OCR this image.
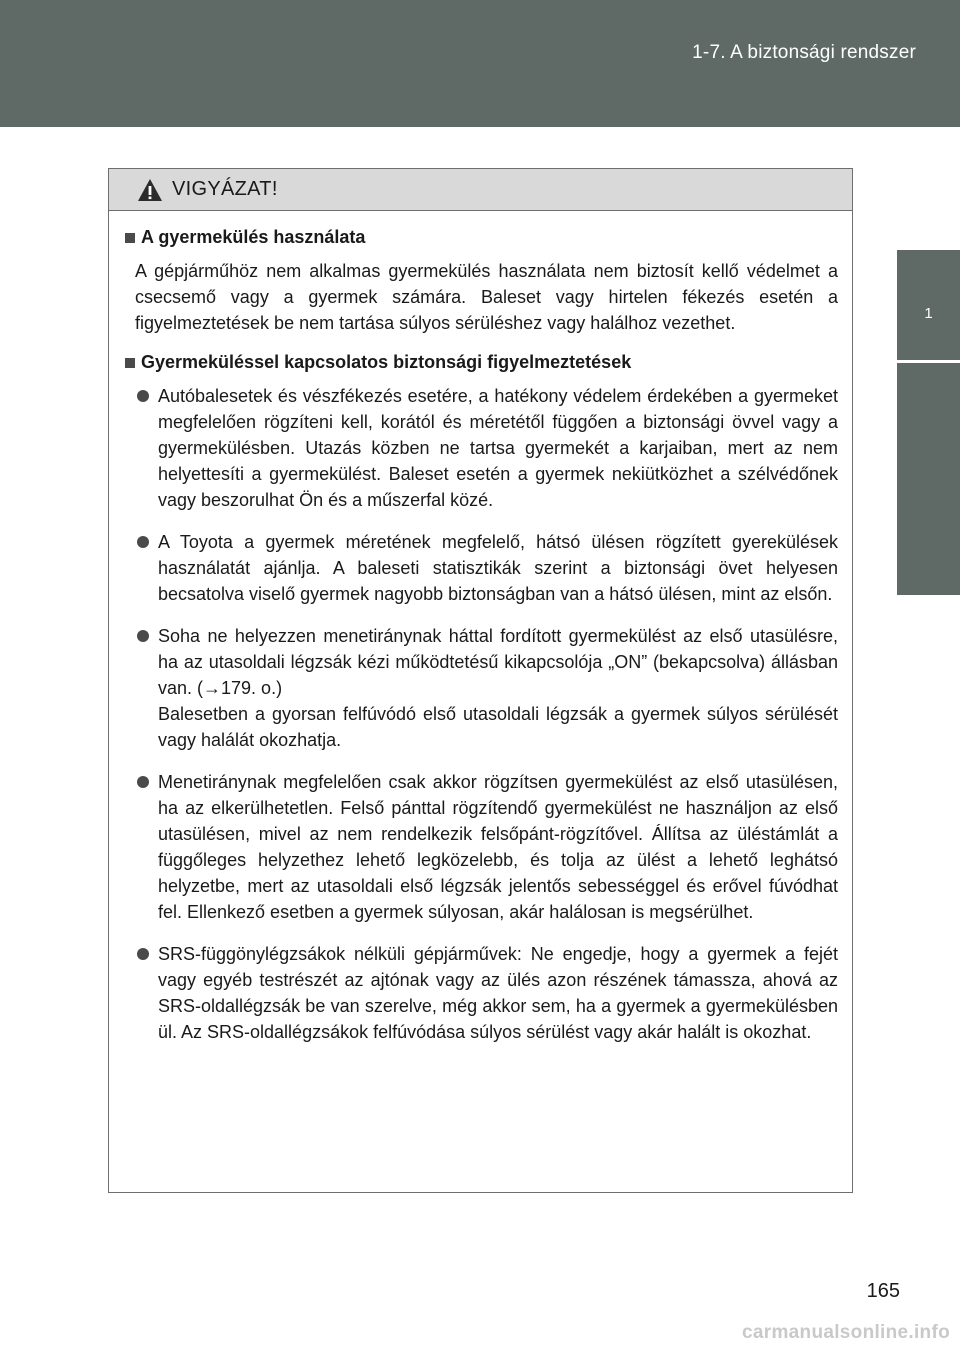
1-7. A biztonsági rendszer
1
Mielőtt elindul
VIGYÁZAT!
A gyermekülés használata
A gépjárműhöz nem alkalmas gyermekülés használata nem biztosít kellő védelmet a csecsemő vagy a gyermek számára. Baleset vagy hirtelen fékezés esetén a figyelmeztetések be nem tartása súlyos sérüléshez vagy halálhoz vezethet.
Gyermeküléssel kapcsolatos biztonsági figyelmeztetések
Autóbalesetek és vészfékezés esetére, a hatékony védelem érdekében a gyermeket megfelelően rögzíteni kell, korától és méretétől függően a biztonsági övvel vagy a gyermekülésben. Utazás közben ne tartsa gyermekét a karjaiban, mert az nem helyettesíti a gyermekülést. Baleset esetén a gyermek nekiütközhet a szélvédőnek vagy beszorulhat Ön és a műszerfal közé.
A Toyota a gyermek méretének megfelelő, hátsó ülésen rögzített gyerekülések használatát ajánlja. A baleseti statisztikák szerint a biztonsági övet helyesen becsatolva viselő gyermek nagyobb biztonságban van a hátsó ülésen, mint az elsőn.
Soha ne helyezzen menetiránynak háttal fordított gyermekülést az első utasülésre, ha az utasoldali légzsák kézi működtetésű kikapcsolója „ON” (bekapcsolva) állásban van. (→179. o.)
Balesetben a gyorsan felfúvódó első utasoldali légzsák a gyermek súlyos sérülését vagy halálát okozhatja.
Menetiránynak megfelelően csak akkor rögzítsen gyermekülést az első utasülésen, ha az elkerülhetetlen. Felső pánttal rögzítendő gyermekülést ne használjon az első utasülésen, mivel az nem rendelkezik felsőpánt-rögzítővel. Állítsa az üléstámlát a függőleges helyzethez lehető legközelebb, és tolja az ülést a lehető leghátsó helyzetbe, mert az utasoldali első légzsák jelentős sebességgel és erővel fúvódhat fel. Ellenkező esetben a gyermek súlyosan, akár halálosan is megsérülhet.
SRS-függönylégzsákok nélküli gépjárművek: Ne engedje, hogy a gyermek a fejét vagy egyéb testrészét az ajtónak vagy az ülés azon részének támassza, ahová az SRS-oldallégzsák be van szerelve, még akkor sem, ha a gyermek a gyermekülésben ül. Az SRS-oldallégzsákok felfúvódása súlyos sérülést vagy akár halált is okozhat.
165
carmanualsonline.info
